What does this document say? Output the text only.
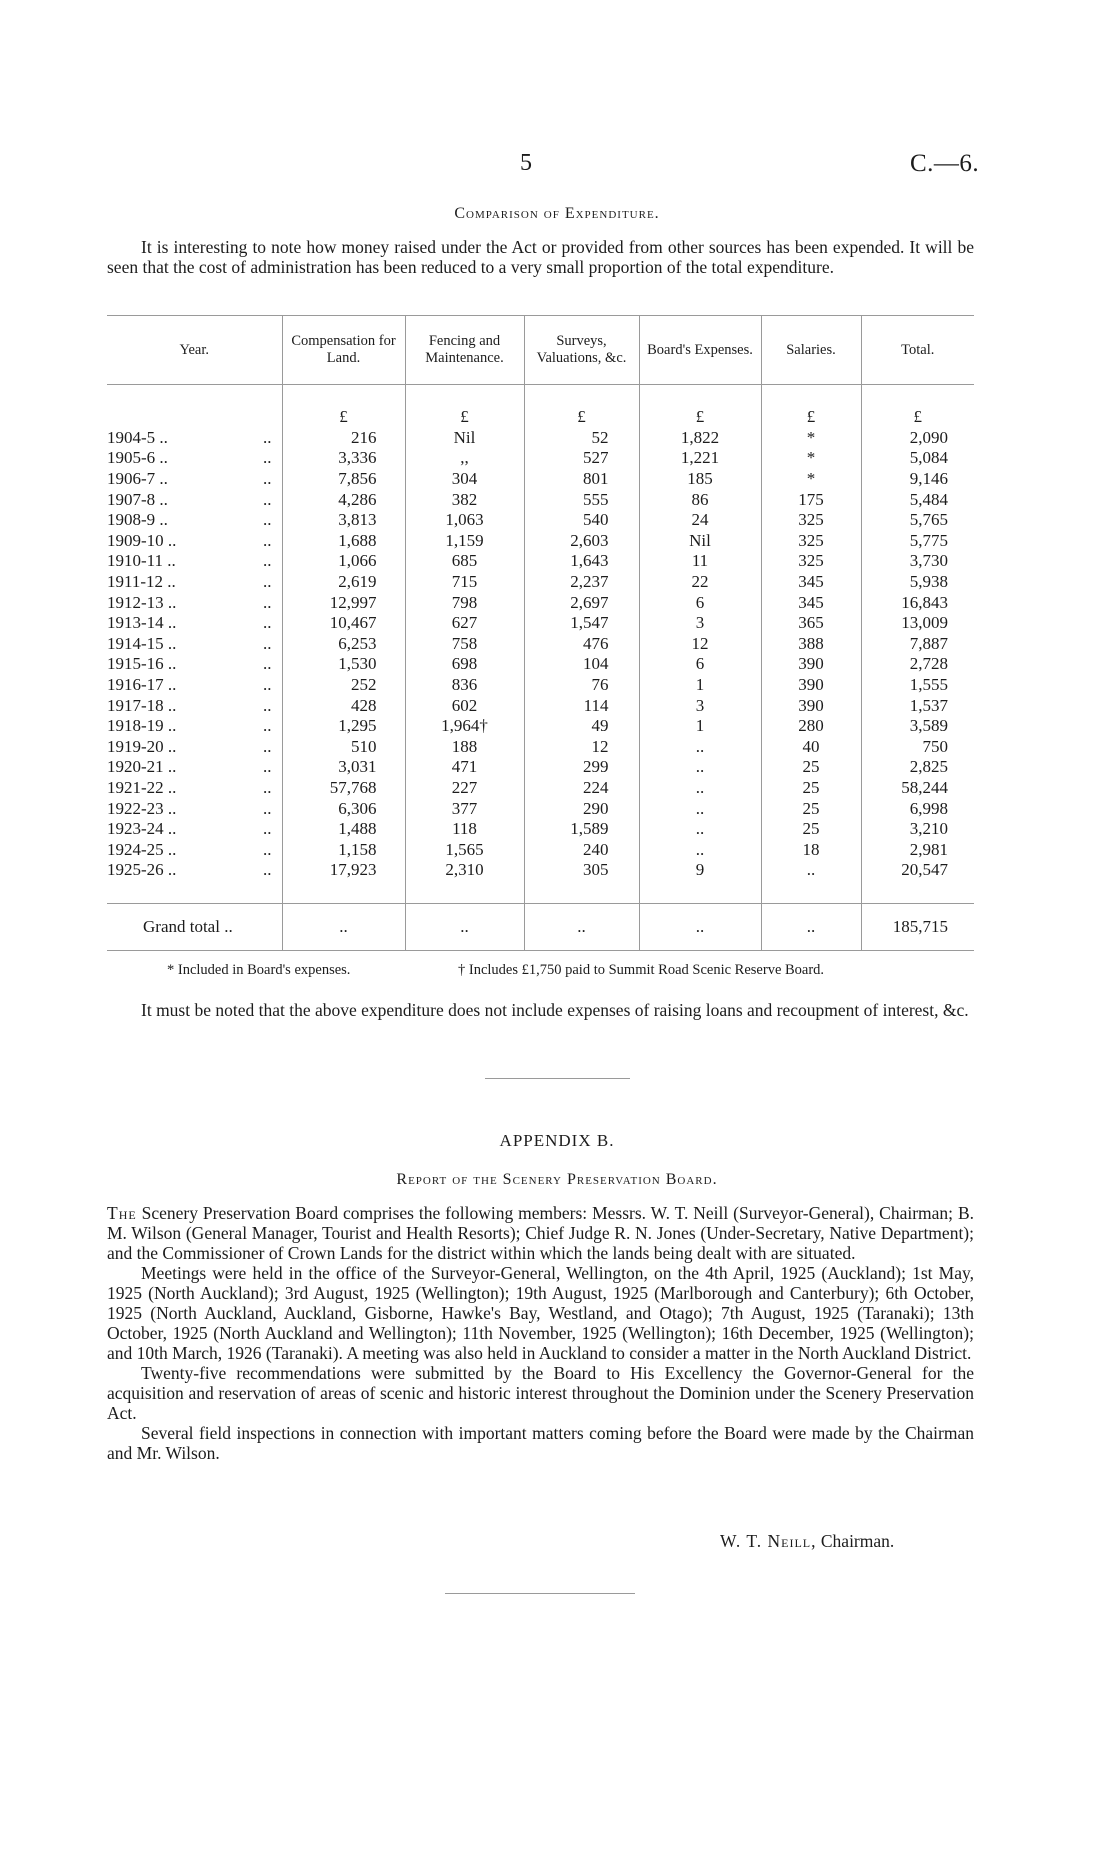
5	C.—6.
Comparison of Expenditure.

It is interesting to note how money raised under the Act or provided from other sources has been expended. It will be seen that the cost of administration has been reduced to a very small proportion of the total expenditure.

Year.	Compensation for Land.	Fencing and Maintenance.	Surveys, Valuations, &c.	Board's Expenses.	Salaries.	Total.

	£	£	£	£	£	£
1904-5 .. ..	216	Nil	52	1,822	*	2,090
1905-6 .. ..	3,336	,,	527	1,221	*	5,084
1906-7 .. ..	7,856	304	801	185	*	9,146
1907-8 .. ..	4,286	382	555	86	175	5,484
1908-9 .. ..	3,813	1,063	540	24	325	5,765
1909-10 .. ..	1,688	1,159	2,603	Nil	325	5,775
1910-11 .. ..	1,066	685	1,643	11	325	3,730
1911-12 .. ..	2,619	715	2,237	22	345	5,938
1912-13 .. ..	12,997	798	2,697	6	345	16,843
1913-14 .. ..	10,467	627	1,547	3	365	13,009
1914-15 .. ..	6,253	758	476	12	388	7,887
1915-16 .. ..	1,530	698	104	6	390	2,728
1916-17 .. ..	252	836	76	1	390	1,555
1917-18 .. ..	428	602	114	3	390	1,537
1918-19 .. ..	1,295	1,964†	49	1	280	3,589
1919-20 .. ..	510	188	12	..	40	750
1920-21 .. ..	3,031	471	299	..	25	2,825
1921-22 .. ..	57,768	227	224	..	25	58,244
1922-23 .. ..	6,306	377	290	..	25	6,998
1923-24 .. ..	1,488	118	1,589	..	25	3,210
1924-25 .. ..	1,158	1,565	240	..	18	2,981
1925-26 .. ..	17,923	2,310	305	9	..	20,547

Grand total ..	..	..	..	..	..	185,715
* Included in Board's expenses.	† Includes £1,750 paid to Summit Road Scenic Reserve Board.

It must be noted that the above expenditure does not include expenses of raising loans and recoupment of interest, &c.

APPENDIX B.
Report of the Scenery Preservation Board.

The Scenery Preservation Board comprises the following members: Messrs. W. T. Neill (Surveyor-General), Chairman; B. M. Wilson (General Manager, Tourist and Health Resorts); Chief Judge R. N. Jones (Under-Secretary, Native Department); and the Commissioner of Crown Lands for the district within which the lands being dealt with are situated.

Meetings were held in the office of the Surveyor-General, Wellington, on the 4th April, 1925 (Auckland); 1st May, 1925 (North Auckland); 3rd August, 1925 (Wellington); 19th August, 1925 (Marlborough and Canterbury); 6th October, 1925 (North Auckland, Auckland, Gisborne, Hawke's Bay, Westland, and Otago); 7th August, 1925 (Taranaki); 13th October, 1925 (North Auckland and Wellington); 11th November, 1925 (Wellington); 16th December, 1925 (Wellington); and 10th March, 1926 (Taranaki). A meeting was also held in Auckland to consider a matter in the North Auckland District.

Twenty-five recommendations were submitted by the Board to His Excellency the Governor-General for the acquisition and reservation of areas of scenic and historic interest throughout the Dominion under the Scenery Preservation Act.

Several field inspections in connection with important matters coming before the Board were made by the Chairman and Mr. Wilson.

W. T. Neill, Chairman.
